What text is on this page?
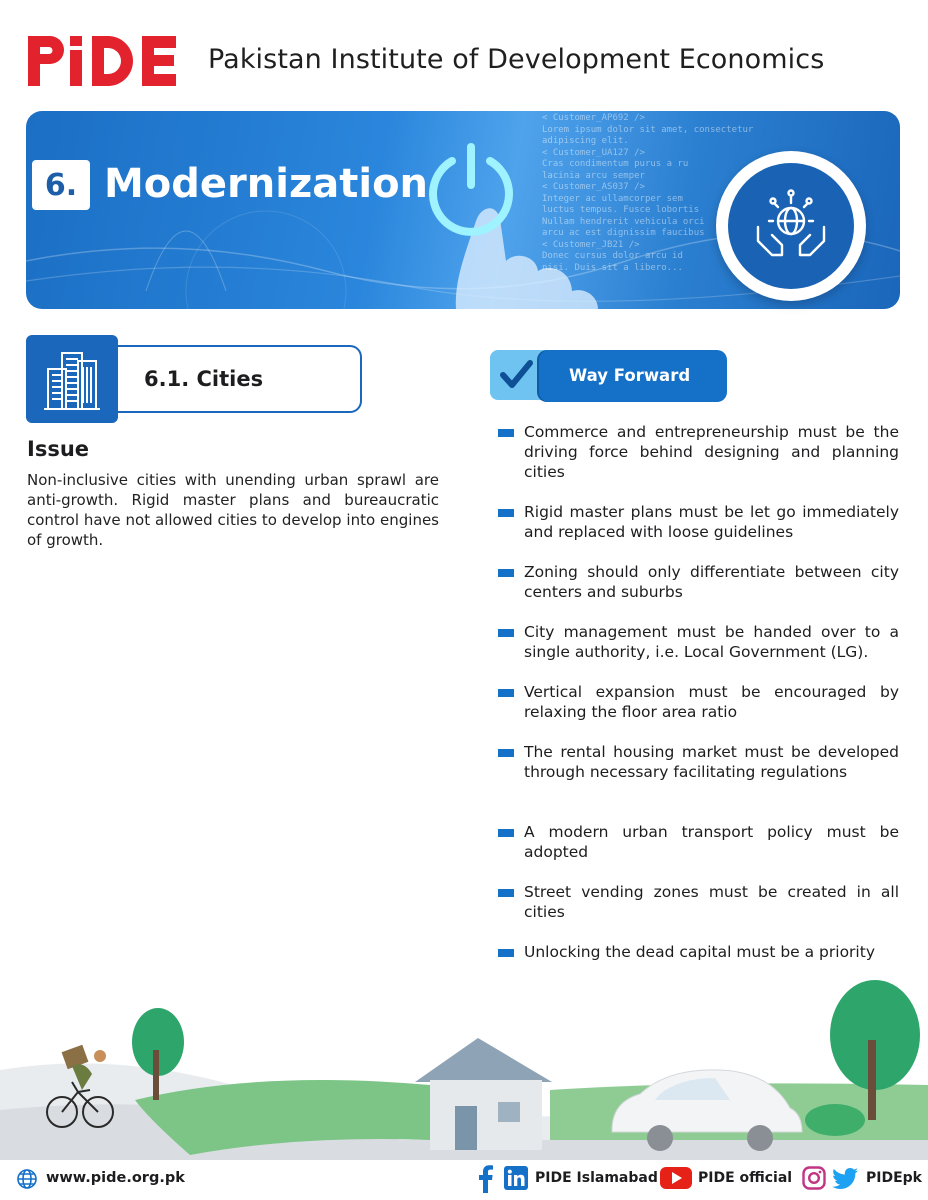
Pakistan Institute of Development Economics
< Customer_AP692 />
Lorem ipsum dolor sit amet, consectetur
adipiscing elit.
< Customer_UA127 />
Cras condimentum purus a ru
lacinia arcu semper
< Customer_AS037 />
Integer ac ullamcorper sem
luctus tempus. Fusce lobortis
Nullam hendrerit vehicula orci
arcu ac est dignissim faucibus
< Customer_JB21 />
Donec cursus dolor arcu id
nisi. Duis sit a libero...
6. Modernization
6.1. Cities
Issue
Non-inclusive cities with unending urban sprawl are anti-growth. Rigid master plans and bureaucratic control have not allowed cities to develop into engines of growth.
Way Forward
Commerce and entrepreneurship must be the driving force behind designing and planning cities
Rigid master plans must be let go immediately and replaced with loose guidelines
Zoning should only differentiate between city centers and suburbs
City management must be handed over to a single authority, i.e. Local Government (LG).
Vertical expansion must be encouraged by relaxing the floor area ratio
The rental housing market must be developed through necessary facilitating regulations
A modern urban transport policy must be adopted
Street vending zones must be created in all cities
Unlocking the dead capital must be a priority
www.pide.org.pk	PIDE Islamabad	PIDE official	PIDEpk
